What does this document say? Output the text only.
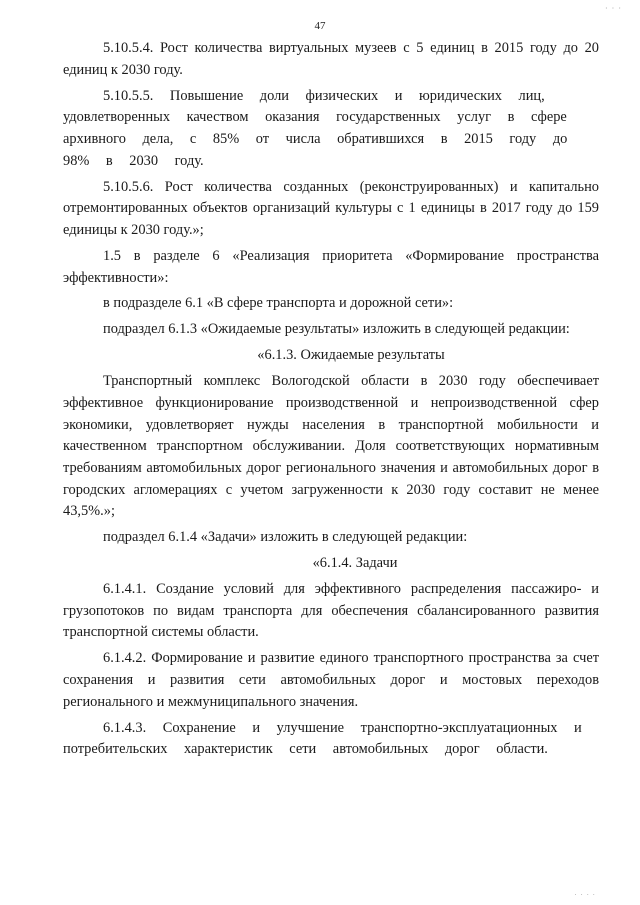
· · ·
47

5.10.5.4. Рост количества виртуальных музеев с 5 единиц в 2015 году до 20 единиц к 2030 году.

5.10.5.5. Повышение доли физических и юридических лиц, удовлетворенных качеством оказания государственных услуг в сфере архивного дела, с 85% от числа обратившихся в 2015 году до 98% в 2030 году.

5.10.5.6. Рост количества созданных (реконструированных) и капитально отремонтированных объектов организаций культуры с 1 единицы в 2017 году до 159 единицы к 2030 году.»;

1.5 в разделе 6 «Реализация приоритета «Формирование пространства эффективности»:

в подразделе 6.1 «В сфере транспорта и дорожной сети»:

подраздел 6.1.3 «Ожидаемые результаты» изложить в следующей редакции:

«6.1.3. Ожидаемые результаты

Транспортный комплекс Вологодской области в 2030 году обеспечивает эффективное функционирование производственной и непроизводственной сфер экономики, удовлетворяет нужды населения в транспортной мобильности и качественном транспортном обслуживании. Доля соответствующих нормативным требованиям автомобильных дорог регионального значения и автомобильных дорог в городских агломерациях с учетом загруженности к 2030 году составит не менее 43,5%.»;

подраздел 6.1.4 «Задачи» изложить в следующей редакции:

«6.1.4. Задачи

6.1.4.1. Создание условий для эффективного распределения пассажиро- и грузопотоков по видам транспорта для обеспечения сбалансированного развития транспортной системы области.

6.1.4.2. Формирование и развитие единого транспортного пространства за счет сохранения и развития сети автомобильных дорог и мостовых переходов регионального и межмуниципального значения.

6.1.4.3. Сохранение и улучшение транспортно-эксплуатационных и потребительских характеристик сети автомобильных дорог области.

· · · ·
